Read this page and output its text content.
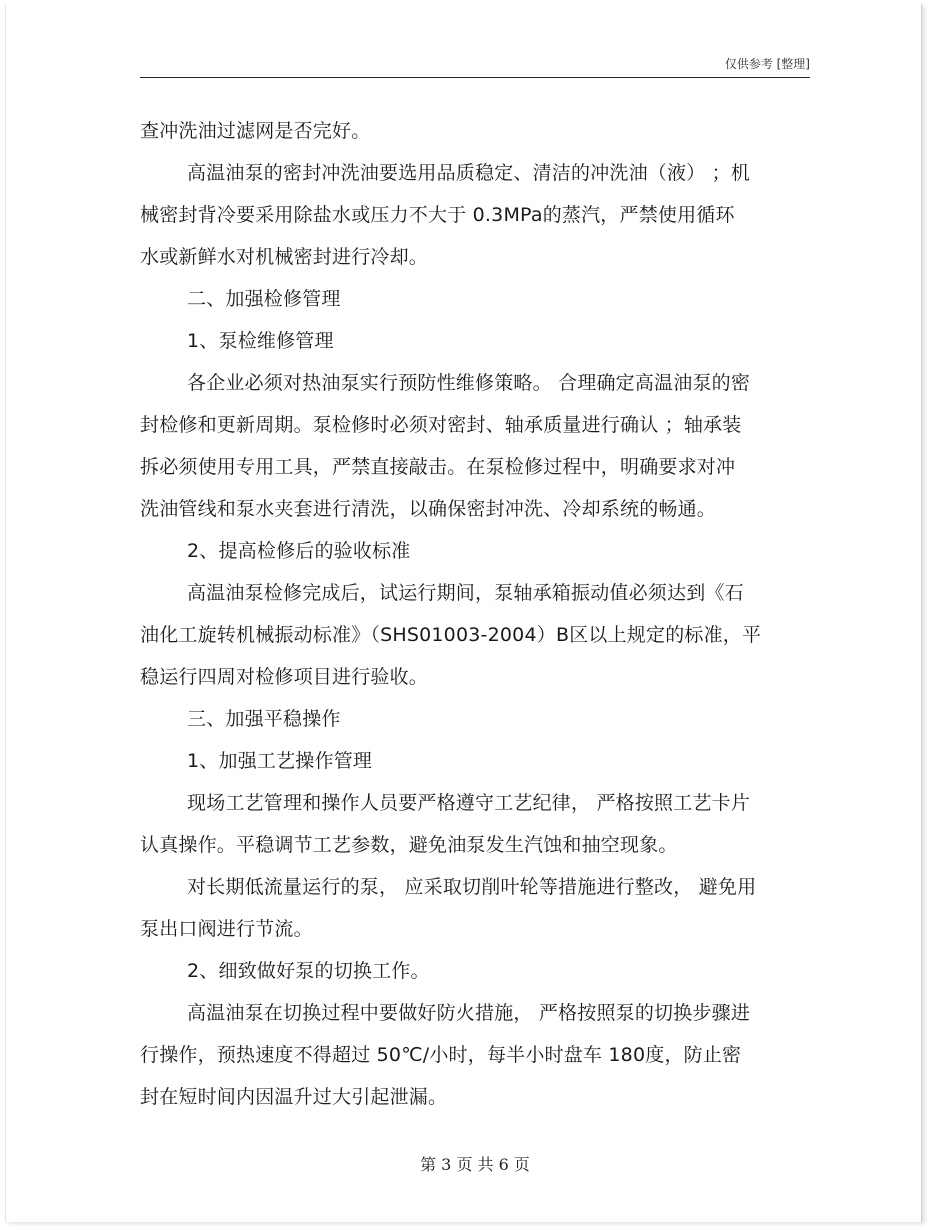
仅供参考 [整理]

查冲洗油过滤网是否完好。

高温油泵的密封冲洗油要选用品质稳定、清洁的冲洗油（液） ；机

械密封背冷要采用除盐水或压力不大于 0.3MPa的蒸汽，严禁使用循环

水或新鲜水对机械密封进行冷却。

二、加强检修管理

1、泵检维修管理

各企业必须对热油泵实行预防性维修策略。 合理确定高温油泵的密

封检修和更新周期。泵检修时必须对密封、轴承质量进行确认 ；轴承装

拆必须使用专用工具，严禁直接敲击。在泵检修过程中，明确要求对冲

洗油管线和泵水夹套进行清洗，以确保密封冲洗、冷却系统的畅通。

2、提高检修后的验收标准

高温油泵检修完成后，试运行期间，泵轴承箱振动值必须达到《石

油化工旋转机械振动标准》（SHS01003-2004）B区以上规定的标准，平

稳运行四周对检修项目进行验收。

三、加强平稳操作

1、加强工艺操作管理

现场工艺管理和操作人员要严格遵守工艺纪律， 严格按照工艺卡片

认真操作。平稳调节工艺参数，避免油泵发生汽蚀和抽空现象。

对长期低流量运行的泵， 应采取切削叶轮等措施进行整改， 避免用

泵出口阀进行节流。

2、细致做好泵的切换工作。

高温油泵在切换过程中要做好防火措施， 严格按照泵的切换步骤进

行操作，预热速度不得超过 50℃/小时，每半小时盘车 180度，防止密

封在短时间内因温升过大引起泄漏。

第 3 页 共 6 页
